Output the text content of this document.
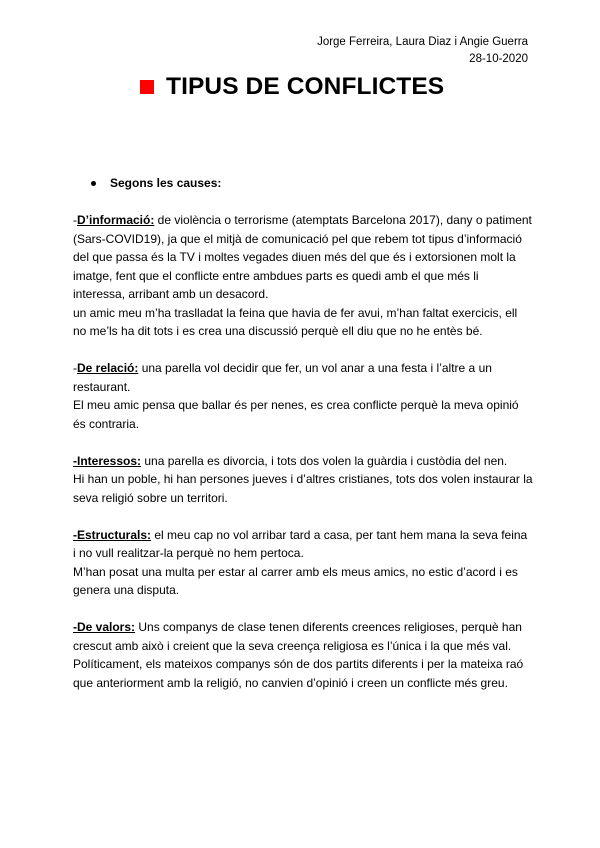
Jorge Ferreira, Laura Diaz i Angie Guerra
28-10-2020
TIPUS DE CONFLICTES
Segons les causes:

-D’informació: de violència o terrorisme (atemptats Barcelona 2017), dany o patiment (Sars-COVID19), ja que el mitjà de comunicació pel que rebem tot tipus d’informació del que passa és la TV i moltes vegades diuen més del que és i extorsionen molt la imatge, fent que el conflicte entre ambdues parts es quedi amb el que més li interessa, arribant amb un desacord.

un amic meu m’ha traslladat la feina que havia de fer avui, m’han faltat exercicis, ell no me’ls ha dit tots i es crea una discussió perquè ell diu que no he entès bé.

-De relació: una parella vol decidir que fer, un vol anar a una festa i l’altre a un restaurant.

El meu amic pensa que ballar és per nenes, es crea conflicte perquè la meva opinió és contraria.

-Interessos: una parella es divorcia, i tots dos volen la guàrdia i custòdia del nen.

Hi han un poble, hi han persones jueves i d’altres cristianes, tots dos volen instaurar la seva religió sobre un territori.

-Estructurals: el meu cap no vol arribar tard a casa, per tant hem mana la seva feina i no vull realitzar-la perquè no hem pertoca.

M’han posat una multa per estar al carrer amb els meus amics, no estic d’acord i es genera una disputa.

-De valors: Uns companys de clase tenen diferents creences religioses, perquè han crescut amb això i creient que la seva creença religiosa es l’única i la que més val.

Políticament, els mateixos companys són de dos partits diferents i per la mateixa raó que anteriorment amb la religió, no canvien d’opinió i creen un conflicte més greu.
